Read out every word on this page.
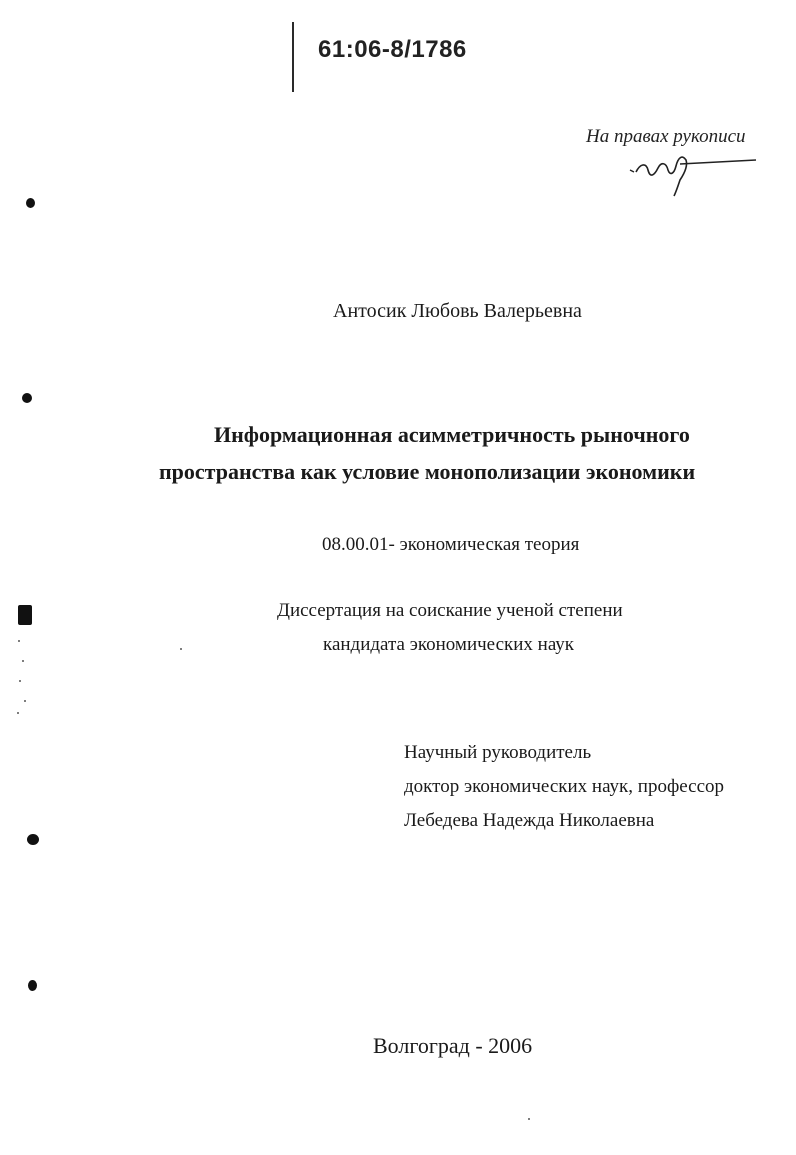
61:06-8/1786
На правах рукописи
Антосик Любовь Валерьевна
Информационная асимметричность рыночного
пространства как условие монополизации экономики
08.00.01- экономическая теория
Диссертация на соискание ученой степени
кандидата экономических наук
Научный руководитель
доктор экономических наук, профессор
Лебедева Надежда Николаевна
Волгоград - 2006
